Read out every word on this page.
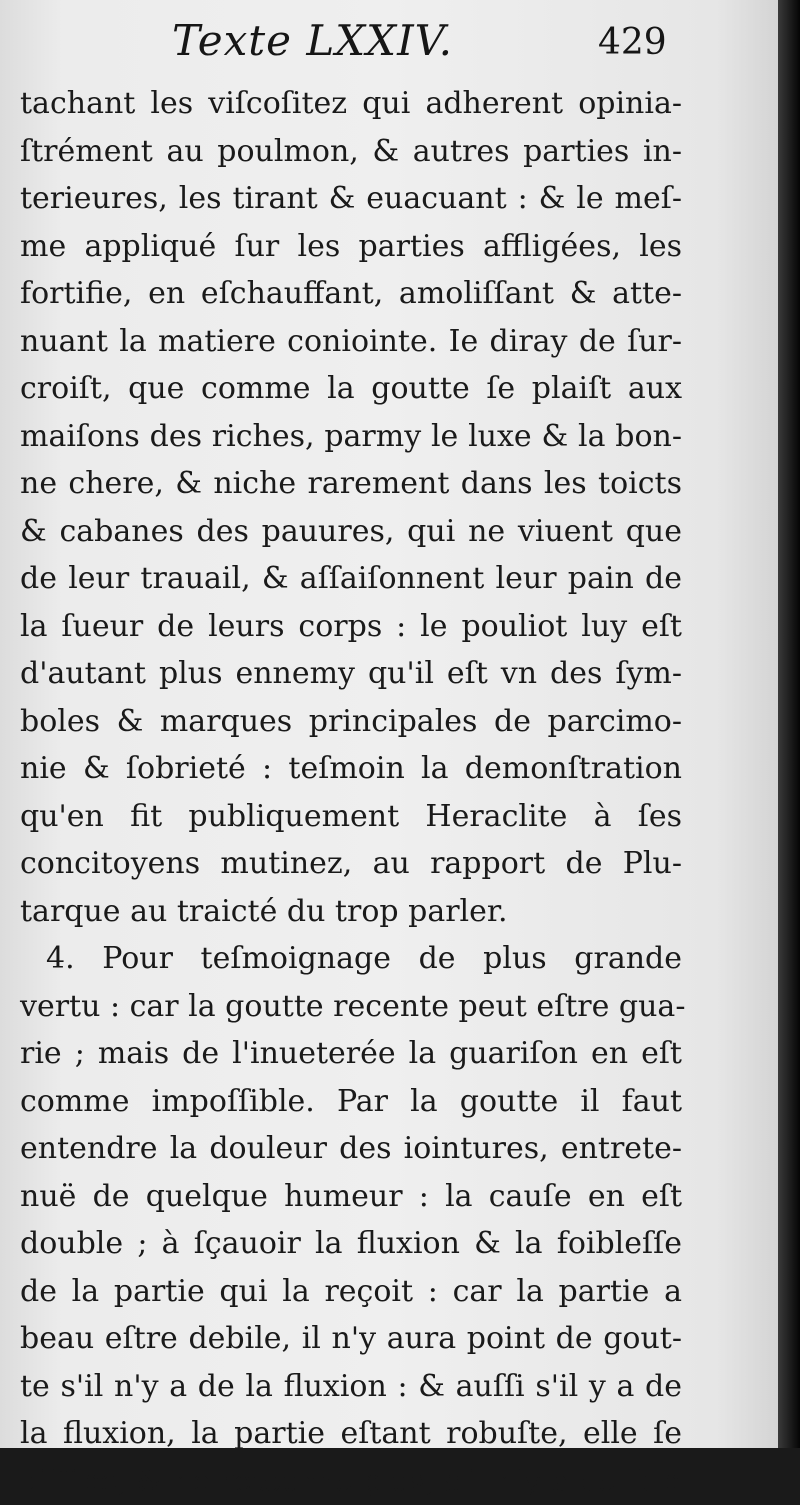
Texte LXXIV.	429
tachant les viſcoſitez qui adherent opinia-
ſtrément au poulmon, & autres parties in-
terieures, les tirant & euacuant : & le meſ-
me appliqué ſur les parties affligées, les
fortifie, en eſchauffant, amoliſſant & atte-
nuant la matiere coniointe. Ie diray de ſur-
croiſt, que comme la goutte ſe plaiſt aux
maiſons des riches, parmy le luxe & la bon-
ne chere, & niche rarement dans les toicts
& cabanes des pauures, qui ne viuent que
de leur trauail, & aſſaiſonnent leur pain de
la ſueur de leurs corps : le pouliot luy eſt
d'autant plus ennemy qu'il eſt vn des ſym-
boles & marques principales de parcimo-
nie & ſobrieté : teſmoin la demonſtration
qu'en fit publiquement Heraclite à ſes
concitoyens mutinez, au rapport de Plu-
tarque au traicté du trop parler.
4. Pour teſmoignage de plus grande
vertu : car la goutte recente peut eſtre gua-
rie ; mais de l'inueterée la guariſon en eſt
comme impoſſible. Par la goutte il faut
entendre la douleur des iointures, entrete-
nuë de quelque humeur : la cauſe en eſt
double ; à ſçauoir la fluxion & la foibleſſe
de la partie qui la reçoit : car la partie a
beau eſtre debile, il n'y aura point de gout-
te s'il n'y a de la fluxion : & auſſi s'il y a de
la fluxion, la partie eſtant robuſte, elle ſe
diſſipe, & ne retourne plus, s'il n'y a de l'ap-
